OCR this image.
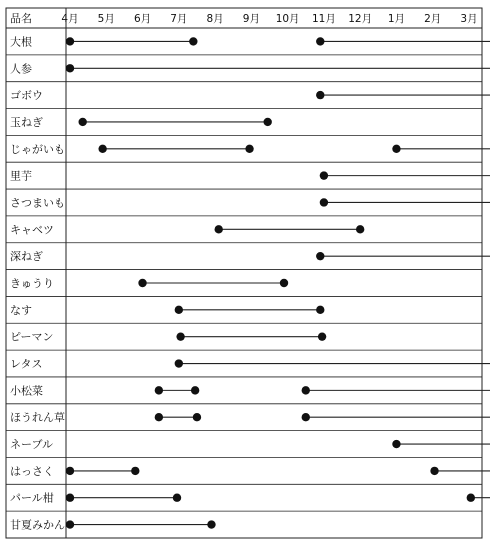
品名	4月 5月 6月 7月 8月 9月 10月 11月 12月 1月 2月 3月
大根
人参
ゴボウ
玉ねぎ
じゃがいも
里芋
さつまいも
キャベツ
深ねぎ
きゅうり
なす
ピーマン
レタス
小松菜
ほうれん草
ネーブル
はっさく
パール柑
甘夏みかん
